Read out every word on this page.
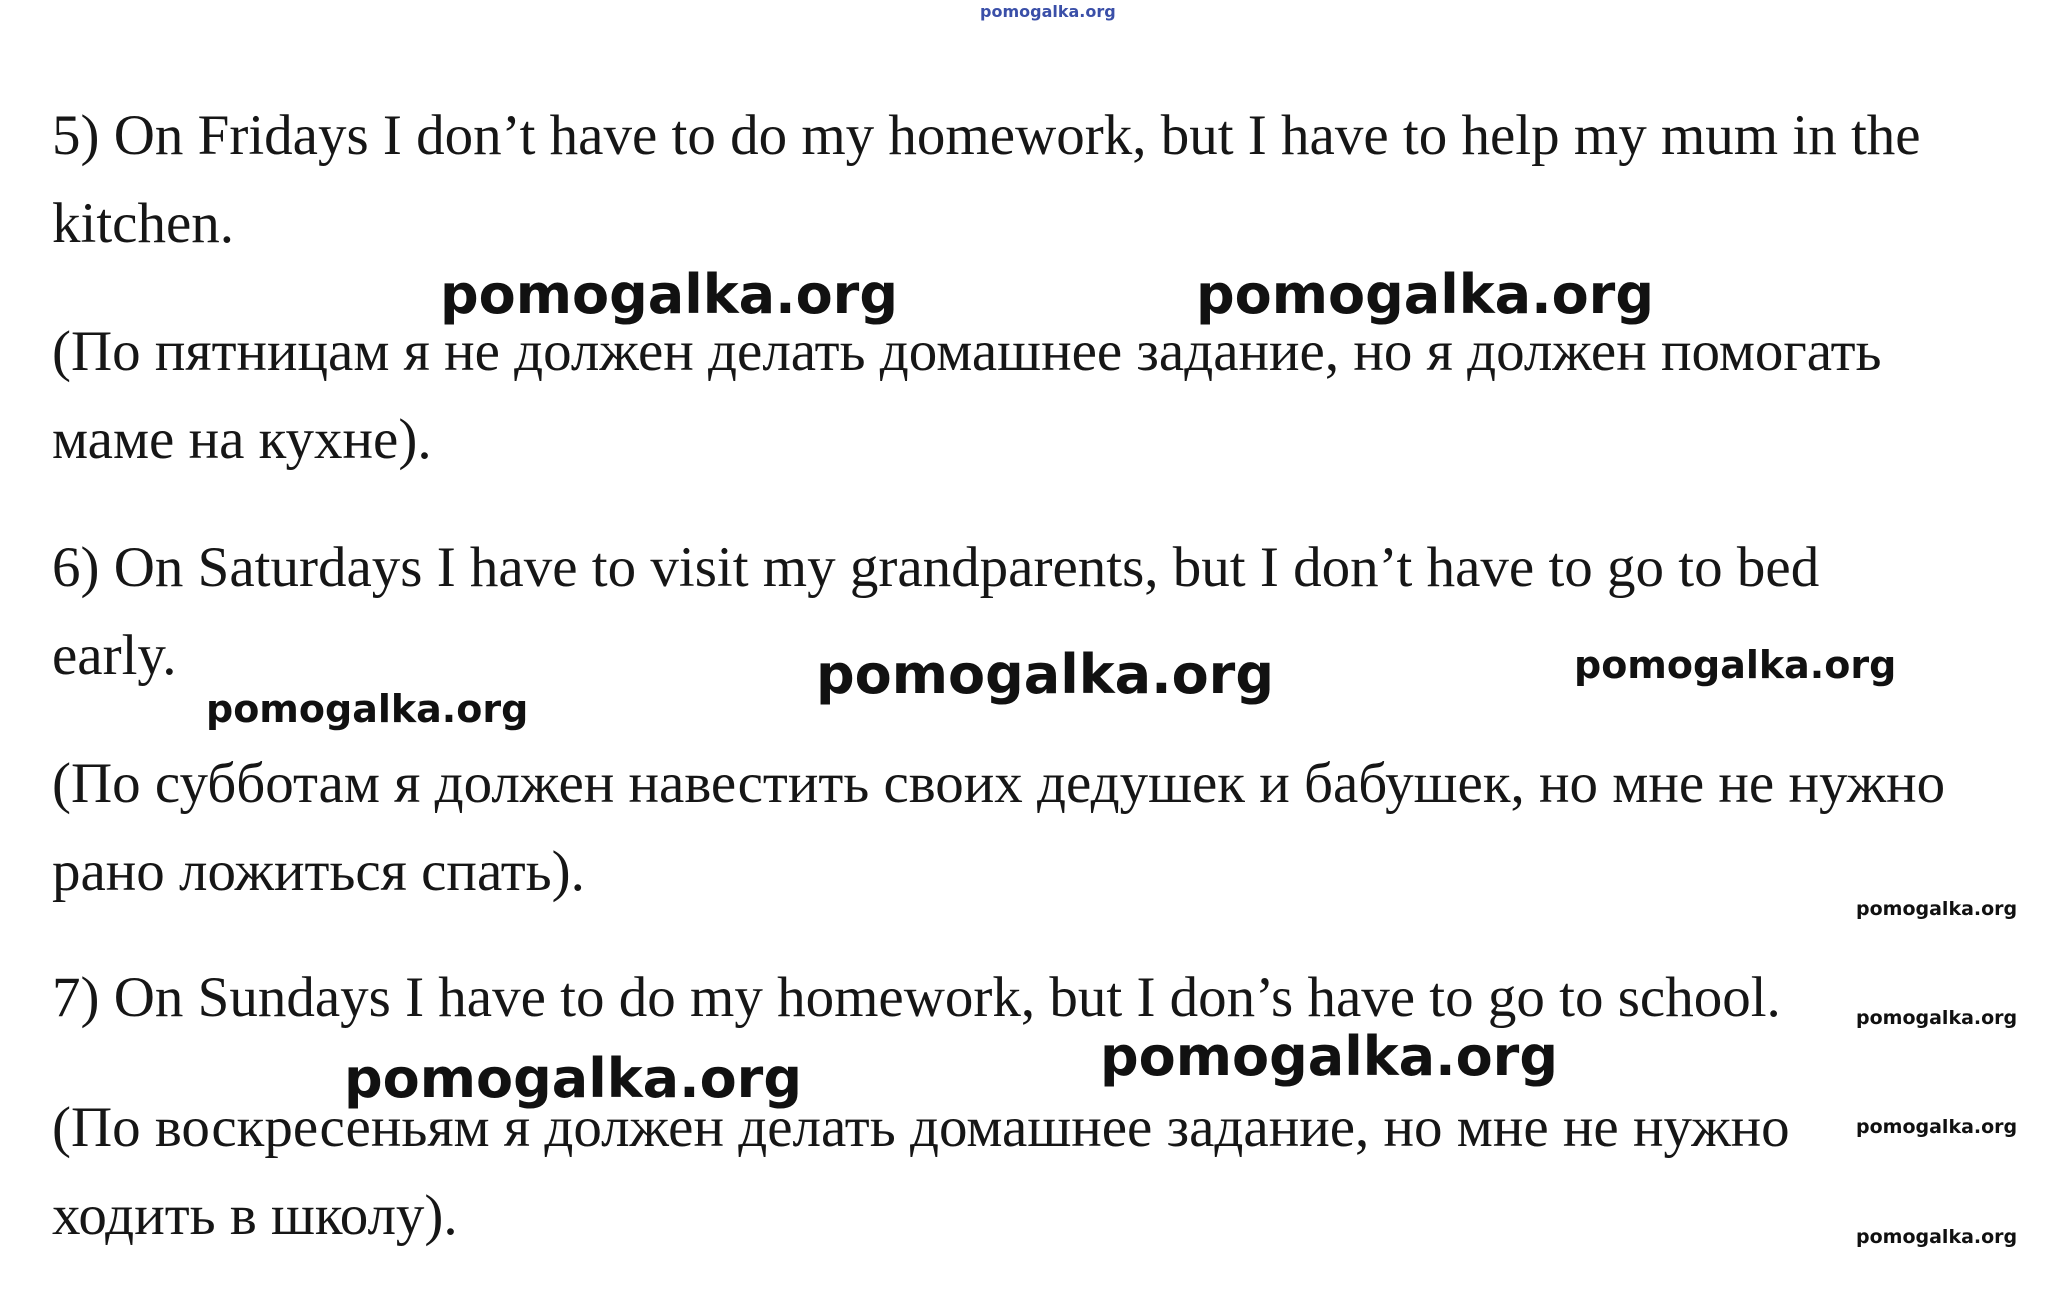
pomogalka.org

5) On Fridays I don’t have to do my homework, but I have to help my mum in the

kitchen.

(По пятницам я не должен делать домашнее задание, но я должен помогать

маме на кухне).

6) On Saturdays I have to visit my grandparents, but I don’t have to go to bed

early.

(По субботам я должен навестить своих дедушек и бабушек, но мне не нужно

рано ложиться спать).

7) On Sundays I have to do my homework, but I don’s have to go to school.

(По воскресеньям я должен делать домашнее задание, но мне не нужно

ходить в школу).

pomogalka.org	pomogalka.org
pomogalka.org	pomogalka.org
pomogalka.org
pomogalka.org
pomogalka.org
pomogalka.org
pomogalka.org
pomogalka.org
pomogalka.org
